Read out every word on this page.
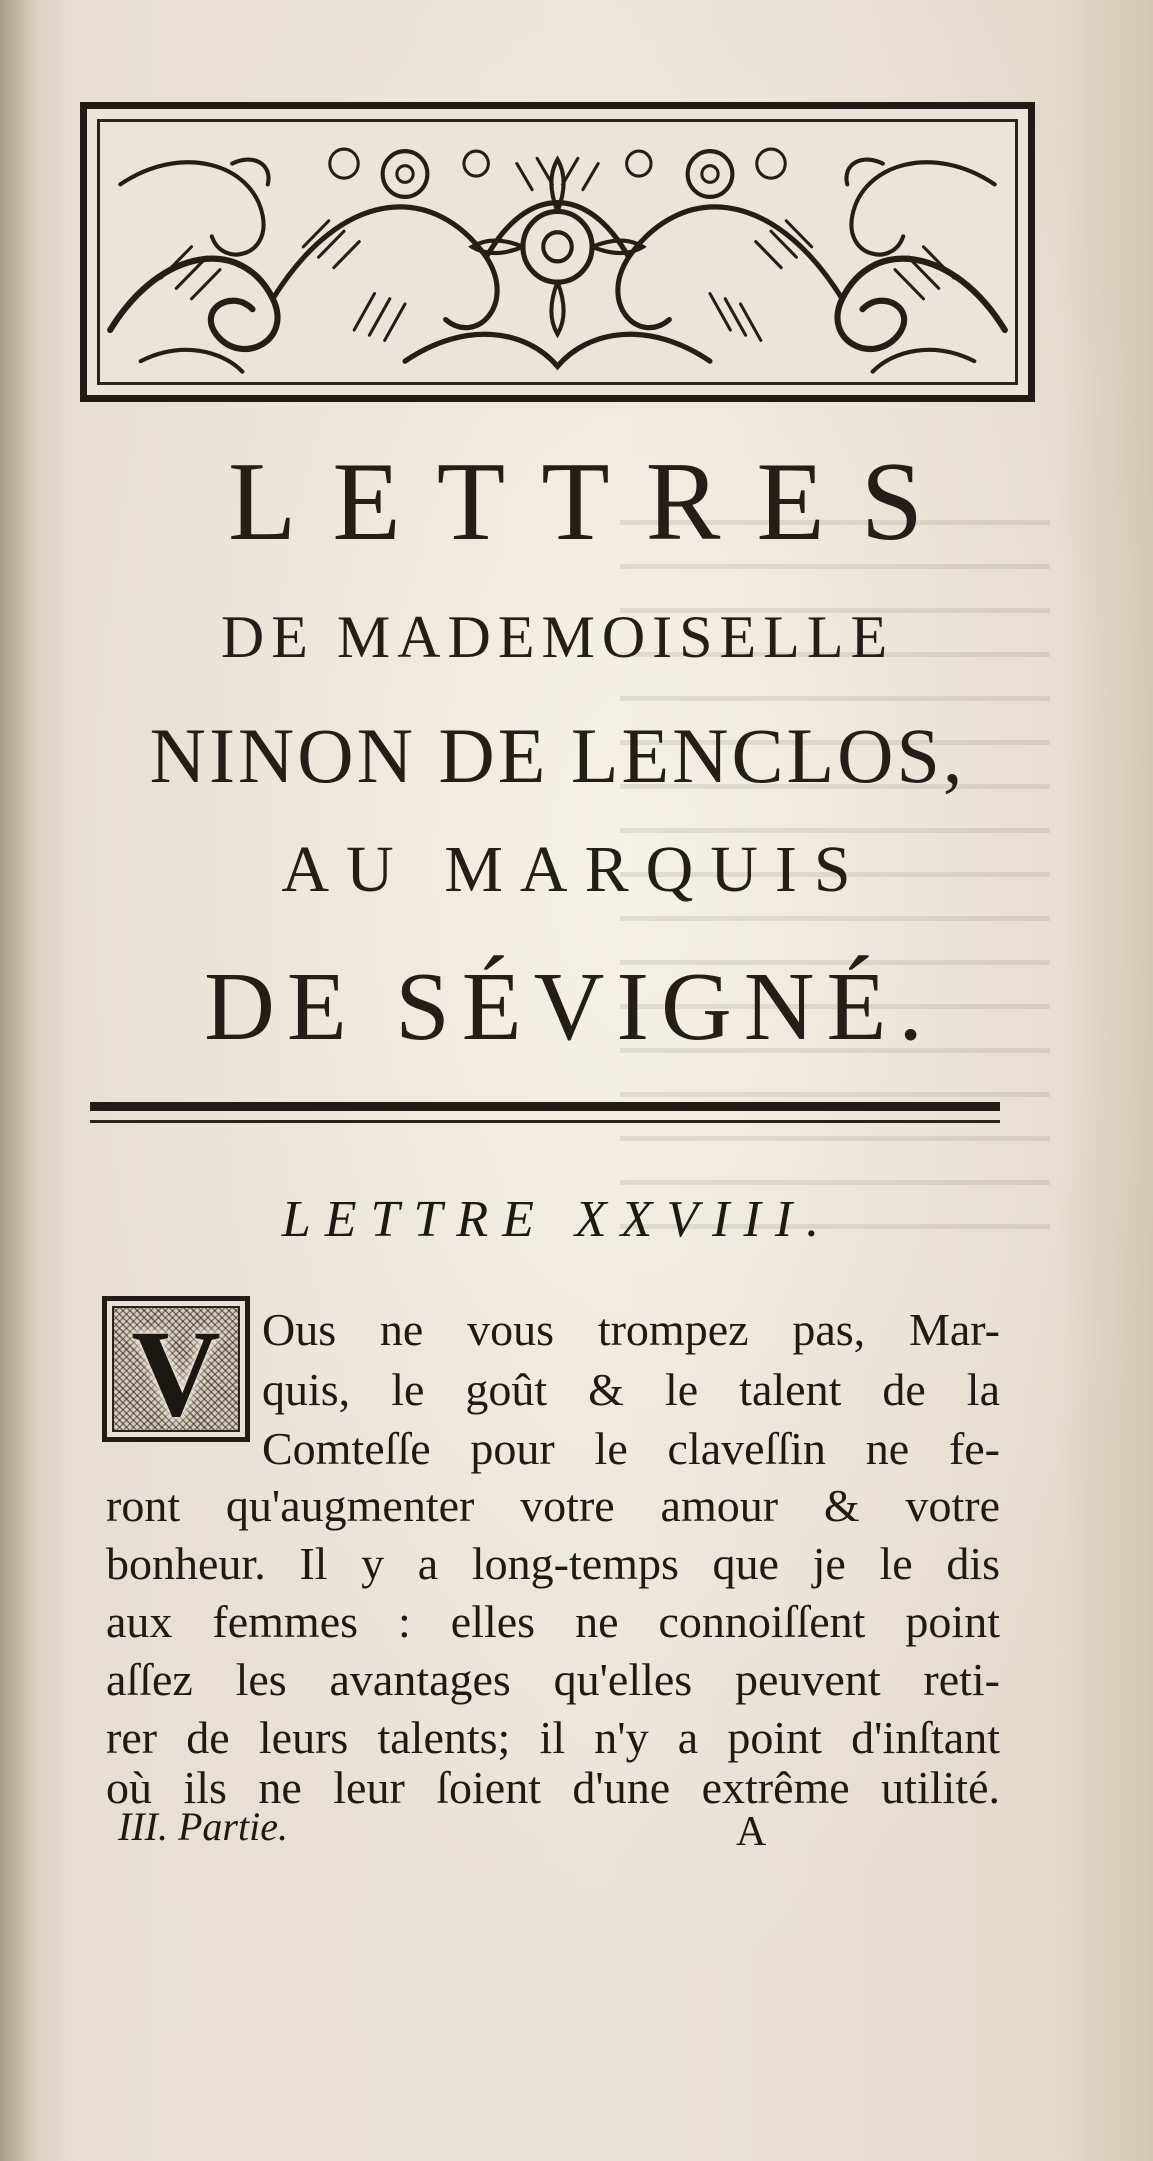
LETTRES
DE MADEMOISELLE
NINON DE LENCLOS,
AU MARQUIS
DE SÉVIGNÉ.
LETTRE XXVIII.
V Ous ne vous trompez pas, Mar-
quis, le goût & le talent de la
Comteſſe pour le claveſſin ne fe-
ront qu'augmenter votre amour & votre
bonheur. Il y a long-temps que je le dis
aux femmes : elles ne connoiſſent point
aſſez les avantages qu'elles peuvent reti-
rer de leurs talents; il n'y a point d'inſtant
où ils ne leur ſoient d'une extrême utilité.
III. Partie.	A
